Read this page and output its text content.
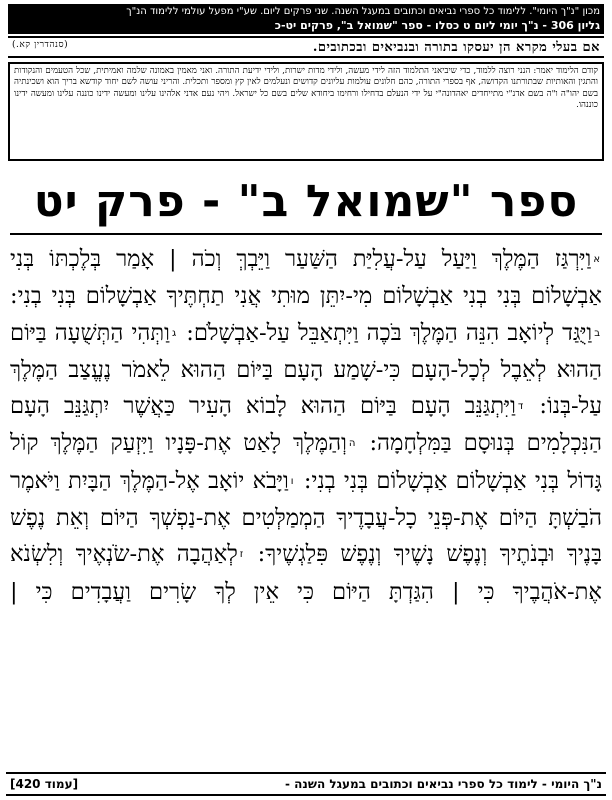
מכון "נ"ך היומי". ללימוד כל ספרי נביאים וכתובים במעגל השנה. שני פרקים ליום. שע"י מפעל עולמי ללימוד הנ"ך
גליון 306 - נ"ך יומי ליום ט כסלו - ספר "שמואל ב", פרקים יט-כ
אם בעלי מקרא הן יעסקו בתורה ובנביאים ובכתובים.
(סנהדרין קא.)
קודם הלימוד יאמר: הנני רוצה ללמוד, כדי שיביאני התלמוד הזה לידי מעשה, ולידי מדות ישרות, ולידי ידיעת התורה. ואני מאמין באמונה שלמה ואמיתית, שכל הטעמים והנקודות והתגין והאותיות שבתורתנו הקדושה, אף בספרי התורה, כהם חלונים עולמות עליונים קדושים ונעלמים לאין קץ ומספר ותכלית. והריני עושה לשם יחוד קודשא בריך הוא ושכינתיה בשם יהו"ה ו"ה בשם אדנ"י מתייחדים יאהדונה"י על ידי הנעלם בדחילו ורחימו ביחודא שלים בשם כל ישראל. ויהי נעם אדני אלהינו עלינו ומעשה ידינו כוננה עלינו ומעשה ידינו כוננהו.
ספר "שמואל ב" - פרק יט
אוַיִּרְגַּז הַמֶּלֶךְ וַיַּעַל עַל-עֲלִיַּת הַשַּׁעַר וַיֵּבְךְּ וְכֹה | אָמַר בְּלֶכְתּוֹ בְּנִי אַבְשָׁלוֹם בְּנִי בְנִי אַבְשָׁלוֹם מִי-יִתֵּן מוּתִי אֲנִי תַחְתֶּיךָ אַבְשָׁלוֹם בְּנִי בְנִי: בוַיֻּגַּד לְיוֹאָב הִנֵּה הַמֶּלֶךְ בֹּכֶה וַיִּתְאַבֵּל עַל-אַבְשָׁלֹם: גוַתְּהִי הַתְּשֻׁעָה בַּיּוֹם הַהוּא לְאֵבֶל לְכָל-הָעָם כִּי-שָׁמַע הָעָם בַּיּוֹם הַהוּא לֵאמֹר נֶעֱצַב הַמֶּלֶךְ עַל-בְּנוֹ: דוַיִּתְגַּנֵּב הָעָם בַּיּוֹם הַהוּא לָבוֹא הָעִיר כַּאֲשֶׁר יִתְגַּנֵּב הָעָם הַנִּכְלָמִים בְּנוּסָם בַּמִּלְחָמָה: הוְהַמֶּלֶךְ לָאַט אֶת-פָּנָיו וַיִּזְעַק הַמֶּלֶךְ קוֹל גָּדוֹל בְּנִי אַבְשָׁלוֹם אַבְשָׁלוֹם בְּנִי בְנִי: ווַיָּבֹא יוֹאָב אֶל-הַמֶּלֶךְ הַבָּיִת וַיֹּאמֶר הֹבַשְׁתָּ הַיּוֹם אֶת-פְּנֵי כָל-עֲבָדֶיךָ הַמְמַלְּטִים אֶת-נַפְשְׁךָ הַיּוֹם וְאֵת נֶפֶשׁ בָּנֶיךָ וּבְנֹתֶיךָ וְנֶפֶשׁ נָשֶׁיךָ וְנֶפֶשׁ פִּלַגְשֶׁיךָ: זלְאַהֲבָה אֶת-שֹׂנְאֶיךָ וְלִשְׂנֹא אֶת-אֹהֲבֶיךָ כִּי | הִגַּדְתָּ הַיּוֹם כִּי אֵין לְךָ שָׂרִים וַעֲבָדִים כִּי |
נ"ך היומי - לימוד כל ספרי נביאים וכתובים במעגל השנה -
[עמוד 420]
